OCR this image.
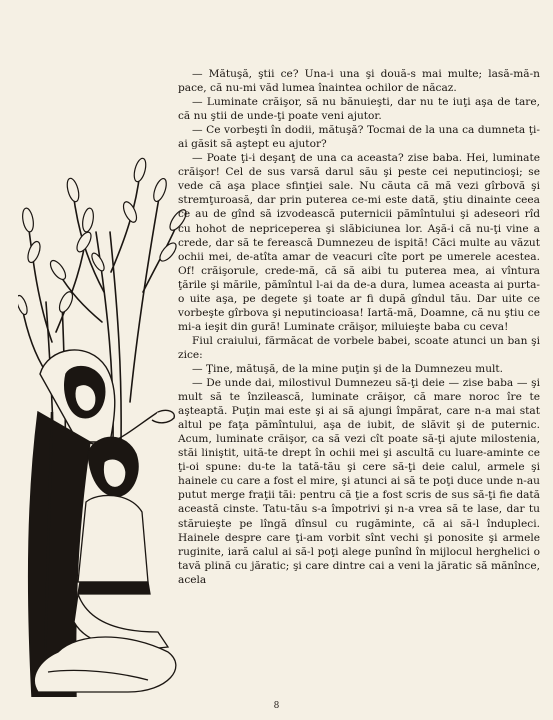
— Mătuşă, ştii ce? Una-i una şi două-s mai multe; lasă-mă-n pace, că nu-mi văd lumea înaintea ochilor de năcaz.

— Luminate crăişor, să nu bănuieşti, dar nu te iuţi aşa de tare, că nu ştii de unde-ţi poate veni ajutor.

— Ce vorbeşti în dodii, mătuşă? Tocmai de la una ca dumneta ţi-ai găsit să aştept eu ajutor?

— Poate ţi-i deşanţ de una ca aceasta? zise baba. Hei, luminate crăişor! Cel de sus varsă darul său şi peste cei neputincioşi; se vede că aşa place sfinţiei sale. Nu căuta că mă vezi gîrbovă şi stremţuroasă, dar prin puterea ce-mi este dată, ştiu dinainte ceea ce au de gînd să izvodească puternicii pămîntului şi adeseori rîd cu hohot de nepriceperea şi slăbiciunea lor. Aşă-i că nu-ţi vine a crede, dar să te ferească Dumnezeu de ispită! Căci multe au văzut ochii mei, de-atîta amar de veacuri cîte port pe umerele acestea. Of! crăişorule, crede-mă, că să aibi tu puterea mea, ai vîntura ţările şi mările, pămîntul l-ai da de-a dura, lumea aceasta ai purta-o uite aşa, pe degete şi toate ar fi după gîndul tău. Dar uite ce vorbeşte gîrbova şi neputincioasa! Iartă-mă, Doamne, că nu ştiu ce mi-a ieşit din gură! Luminate crăişor, miluieşte baba cu ceva!

Fiul craiului, fărmăcat de vorbele babei, scoate atunci un ban şi zice:

— Ţine, mătuşă, de la mine puţin şi de la Dumnezeu mult.

— De unde dai, milostivul Dumnezeu să-ţi deie — zise baba — şi mult să te înzilească, luminate crăişor, că mare noroc îre te aşteaptă. Puţin mai este şi ai să ajungi împărat, care n-a mai stat altul pe faţa pămîntului, aşa de iubit, de slăvit şi de puternic. Acum, luminate crăişor, ca să vezi cît poate să-ţi ajute milostenia, stăi liniştit, uită-te drept în ochii mei şi ascultă cu luare-aminte ce ţi-oi spune: du-te la tată-tău şi cere să-ţi deie calul, armele şi hainele cu care a fost el mire, şi atunci ai să te poţi duce unde n-au putut merge fraţii tăi: pentru că ţie a fost scris de sus să-ţi fie dată această cinste. Tatu-tău s-a împotrivi şi n-a vrea să te lase, dar tu stăruieşte pe lîngă dînsul cu rugăminte, că ai să-l îndupleci. Hainele despre care ţi-am vorbit sînt vechi şi ponosite şi armele ruginite, iară calul ai să-l poţi alege punînd în mijlocul herghelici o tavă plină cu jăratic; şi care dintre cai a veni la jăratic să mănînce, acela

8
